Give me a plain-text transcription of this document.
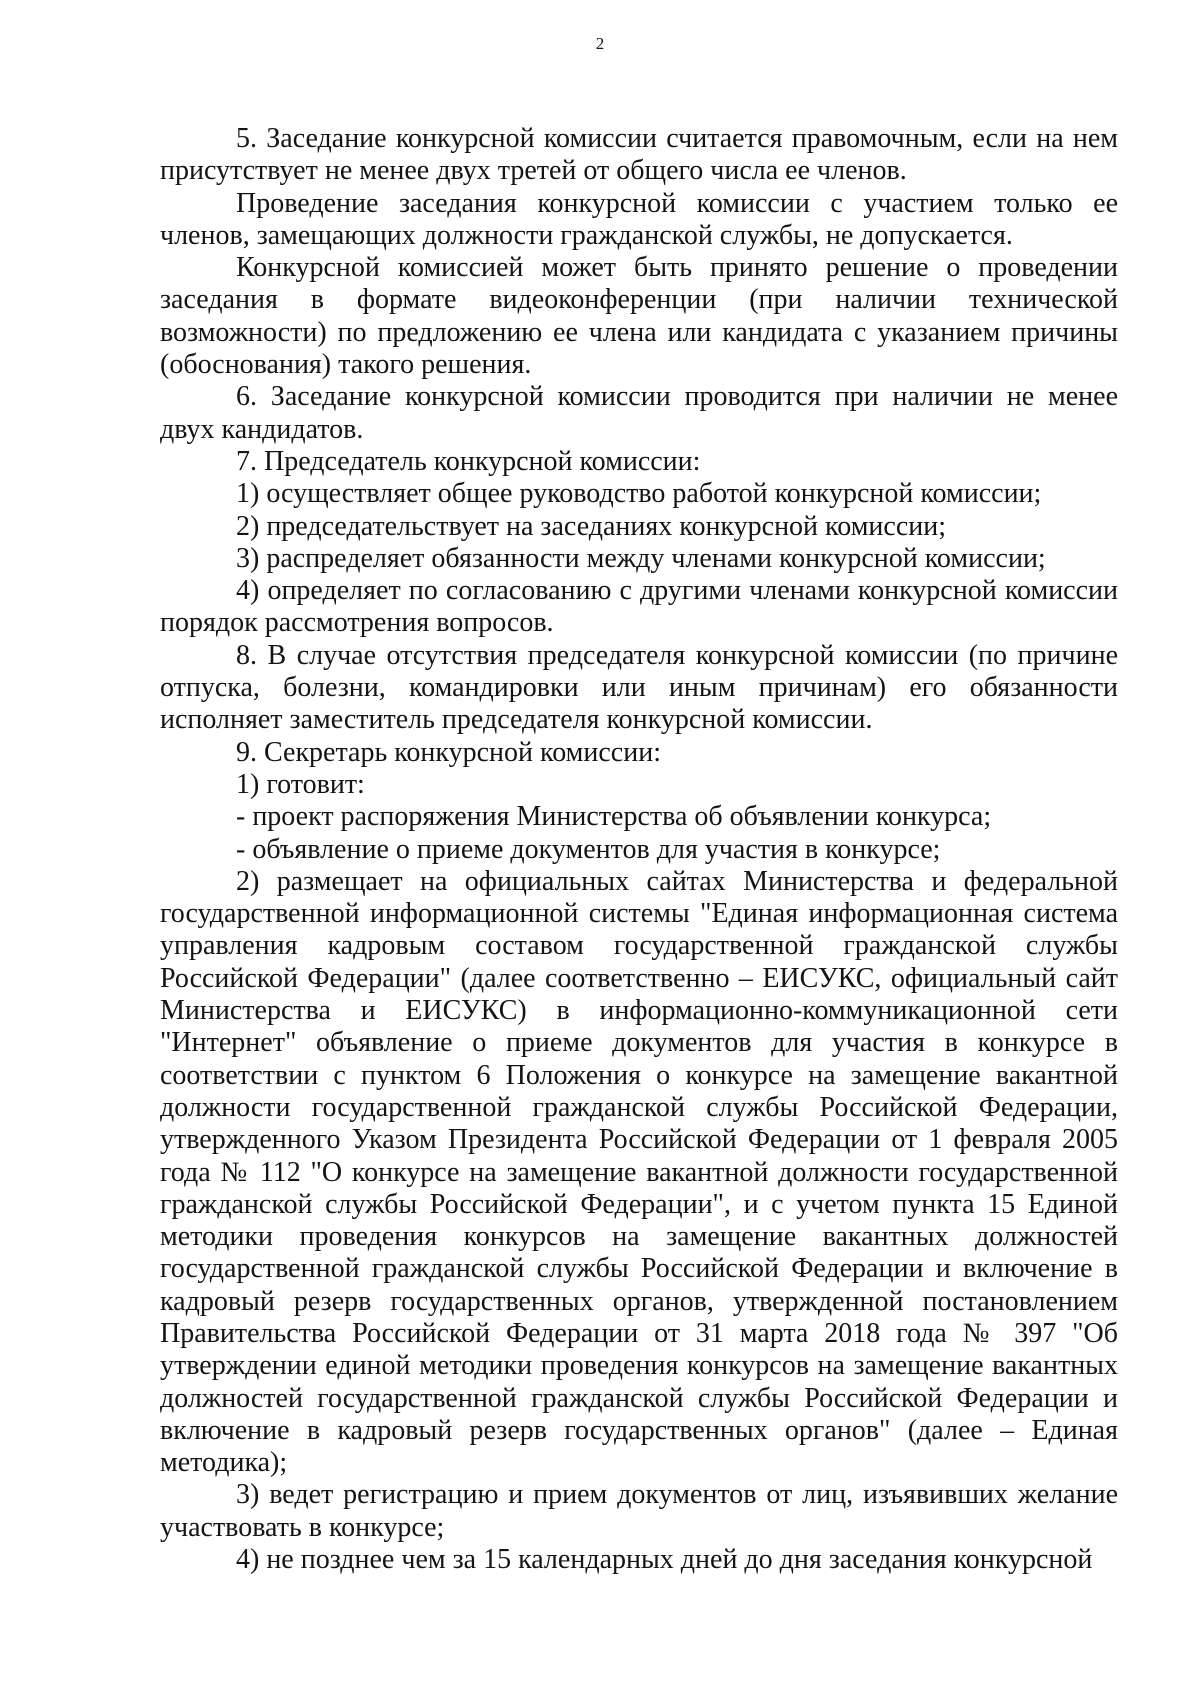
2

5. Заседание конкурсной комиссии считается правомочным, если на нем присутствует не менее двух третей от общего числа ее членов.

Проведение заседания конкурсной комиссии с участием только ее членов, замещающих должности гражданской службы, не допускается.

Конкурсной комиссией может быть принято решение о проведении заседания в формате видеоконференции (при наличии технической возможности) по предложению ее члена или кандидата с указанием причины (обоснования) такого решения.

6. Заседание конкурсной комиссии проводится при наличии не менее двух кандидатов.

7. Председатель конкурсной комиссии:

1) осуществляет общее руководство работой конкурсной комиссии;

2) председательствует на заседаниях конкурсной комиссии;

3) распределяет обязанности между членами конкурсной комиссии;

4) определяет по согласованию с другими членами конкурсной комиссии порядок рассмотрения вопросов.

8. В случае отсутствия председателя конкурсной комиссии (по причине отпуска, болезни, командировки или иным причинам) его обязанности исполняет заместитель председателя конкурсной комиссии.

9. Секретарь конкурсной комиссии:

1) готовит:

- проект распоряжения Министерства об объявлении конкурса;

- объявление о приеме документов для участия в конкурсе;

2) размещает на официальных сайтах Министерства и федеральной государственной информационной системы "Единая информационная система управления кадровым составом государственной гражданской службы Российской Федерации" (далее соответственно – ЕИСУКС, официальный сайт Министерства и ЕИСУКС) в информационно-коммуникационной сети "Интернет" объявление о приеме документов для участия в конкурсе в соответствии с пунктом 6 Положения о конкурсе на замещение вакантной должности государственной гражданской службы Российской Федерации, утвержденного Указом Президента Российской Федерации от 1 февраля 2005 года № 112 "О конкурсе на замещение вакантной должности государственной гражданской службы Российской Федерации", и с учетом пункта 15 Единой методики проведения конкурсов на замещение вакантных должностей государственной гражданской службы Российской Федерации и включение в кадровый резерв государственных органов, утвержденной постановлением Правительства Российской Федерации от 31 марта 2018 года № 397 "Об утверждении единой методики проведения конкурсов на замещение вакантных должностей государственной гражданской службы Российской Федерации и включение в кадровый резерв государственных органов" (далее – Единая методика);

3) ведет регистрацию и прием документов от лиц, изъявивших желание участвовать в конкурсе;

4) не позднее чем за 15 календарных дней до дня заседания конкурсной
